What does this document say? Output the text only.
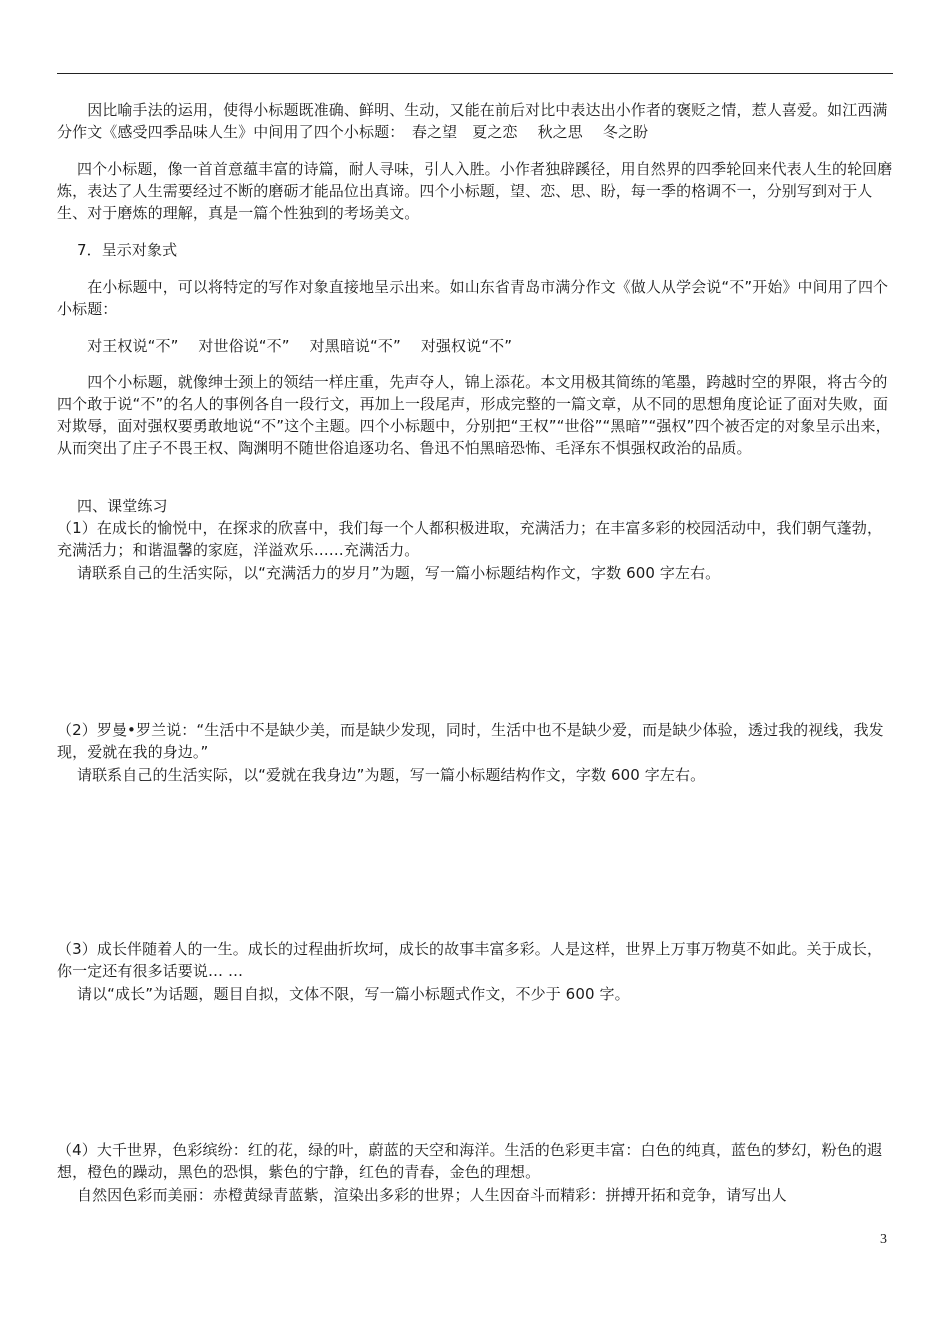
　　因比喻手法的运用，使得小标题既准确、鲜明、生动，又能在前后对比中表达出小作者的褒贬之情，惹人喜爱。如江西满分作文《感受四季品味人生》中间用了四个小标题：　春之望　夏之恋　 秋之思　 冬之盼

　 四个小标题，像一首首意蕴丰富的诗篇，耐人寻味，引人入胜。小作者独辟蹊径，用自然界的四季轮回来代表人生的轮回磨炼，表达了人生需要经过不断的磨砺才能品位出真谛。四个小标题，望、恋、思、盼，每一季的格调不一，分别写到对于人生、对于磨炼的理解，真是一篇个性独到的考场美文。

　 7．呈示对象式

　　在小标题中，可以将特定的写作对象直接地呈示出来。如山东省青岛市满分作文《做人从学会说“不”开始》中间用了四个小标题：

　　对王权说“不”　 对世俗说“不”　 对黑暗说“不”　 对强权说“不”

　　四个小标题，就像绅士颈上的领结一样庄重，先声夺人，锦上添花。本文用极其简练的笔墨，跨越时空的界限，将古今的四个敢于说“不”的名人的事例各自一段行文，再加上一段尾声，形成完整的一篇文章，从不同的思想角度论证了面对失败，面对欺辱，面对强权要勇敢地说“不”这个主题。四个小标题中，分别把“王权”“世俗”“黑暗”“强权”四个被否定的对象呈示出来，从而突出了庄子不畏王权、陶渊明不随世俗追逐功名、鲁迅不怕黑暗恐怖、毛泽东不惧强权政治的品质。

　 四、课堂练习

（1）在成长的愉悦中，在探求的欣喜中，我们每一个人都积极进取，充满活力；在丰富多彩的校园活动中，我们朝气蓬勃，充满活力；和谐温馨的家庭，洋溢欢乐……充满活力。

　 请联系自己的生活实际，以“充满活力的岁月”为题，写一篇小标题结构作文，字数 600 字左右。

（2）罗曼•罗兰说：“生活中不是缺少美，而是缺少发现，同时，生活中也不是缺少爱，而是缺少体验，透过我的视线，我发现，爱就在我的身边。”

　 请联系自己的生活实际，以“爱就在我身边”为题，写一篇小标题结构作文，字数 600 字左右。

（3）成长伴随着人的一生。成长的过程曲折坎坷，成长的故事丰富多彩。人是这样，世界上万事万物莫不如此。关于成长，你一定还有很多话要说… …

　 请以“成长”为话题，题目自拟，文体不限，写一篇小标题式作文，不少于 600 字。

（4）大千世界，色彩缤纷：红的花，绿的叶，蔚蓝的天空和海洋。生活的色彩更丰富：白色的纯真，蓝色的梦幻，粉色的遐想，橙色的躁动，黑色的恐惧，紫色的宁静，红色的青春，金色的理想。

　 自然因色彩而美丽：赤橙黄绿青蓝紫，渲染出多彩的世界；人生因奋斗而精彩：拼搏开拓和竞争，请写出人

3
